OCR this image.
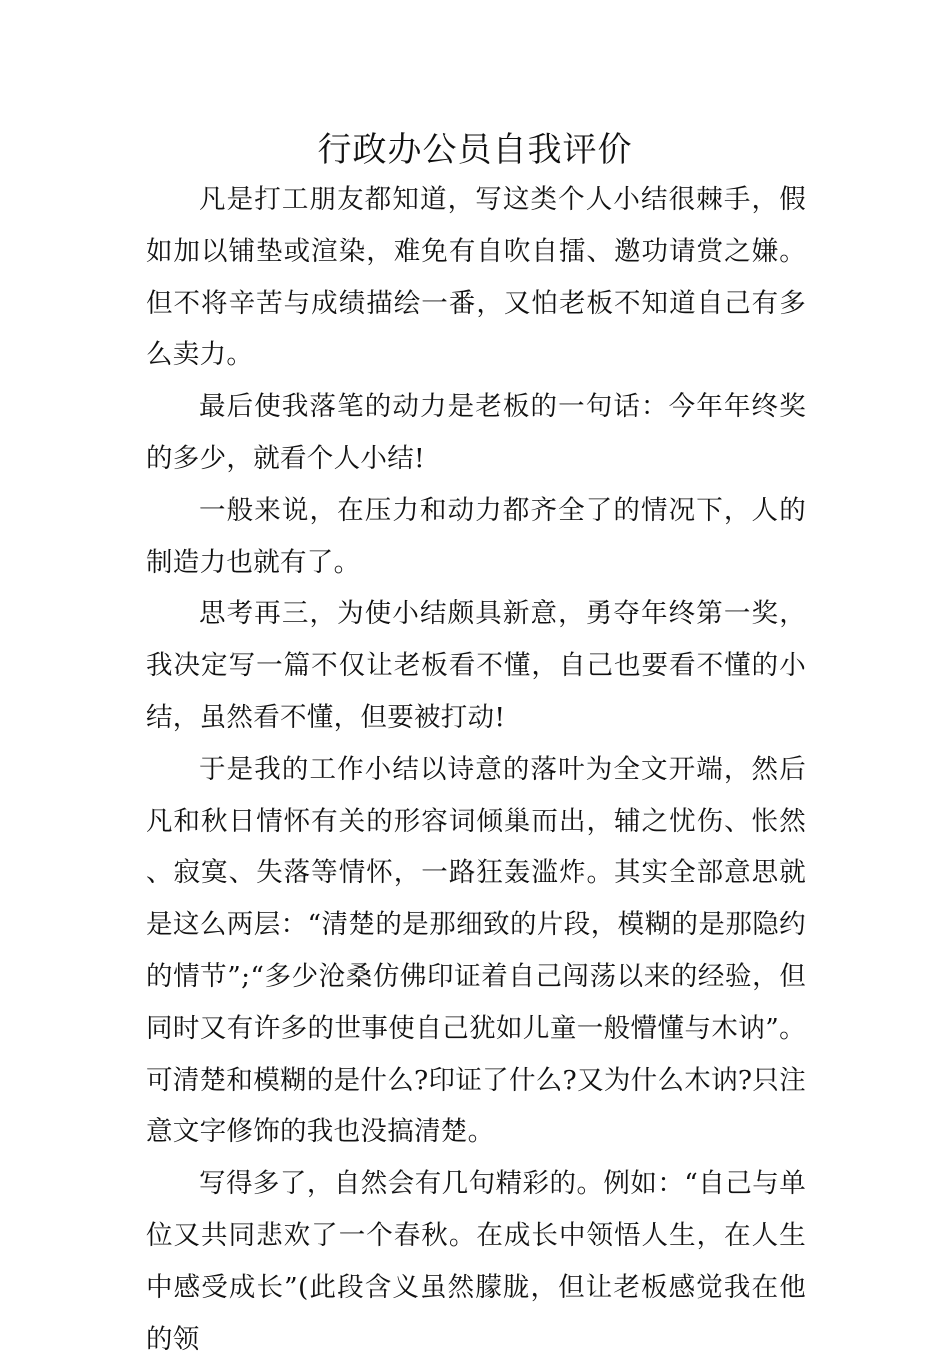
行政办公员自我评价

凡是打工朋友都知道，写这类个人小结很棘手，假如加以铺垫或渲染，难免有自吹自擂、邀功请赏之嫌。但不将辛苦与成绩描绘一番，又怕老板不知道自己有多么卖力。

最后使我落笔的动力是老板的一句话：今年年终奖的多少，就看个人小结!

一般来说，在压力和动力都齐全了的情况下，人的制造力也就有了。

思考再三，为使小结颇具新意，勇夺年终第一奖，我决定写一篇不仅让老板看不懂，自己也要看不懂的小结，虽然看不懂，但要被打动!

于是我的工作小结以诗意的落叶为全文开端，然后凡和秋日情怀有关的形容词倾巢而出，辅之忧伤、怅然、寂寞、失落等情怀，一路狂轰滥炸。其实全部意思就是这么两层：“清楚的是那细致的片段，模糊的是那隐约的情节”;“多少沧桑仿佛印证着自己闯荡以来的经验，但同时又有许多的世事使自己犹如儿童一般懵懂与木讷”。可清楚和模糊的是什么?印证了什么?又为什么木讷?只注意文字修饰的我也没搞清楚。

写得多了，自然会有几句精彩的。例如：“自己与单位又共同悲欢了一个春秋。在成长中领悟人生，在人生中感受成长”(此段含义虽然朦胧，但让老板感觉我在他的领
